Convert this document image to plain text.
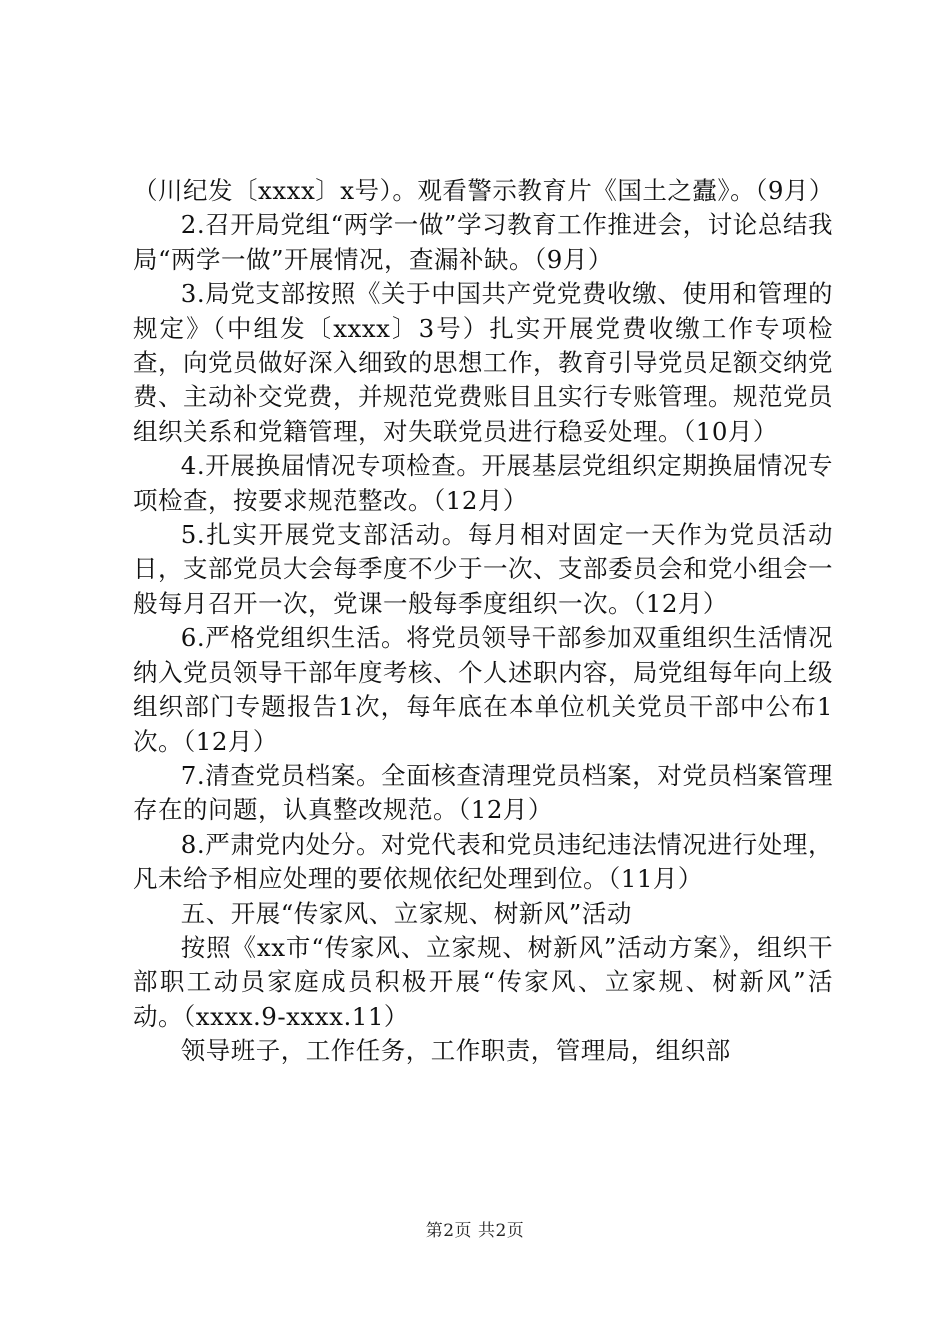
（川纪发〔xxxx〕x号）。观看警示教育片《国土之蠹》。（9月）

2.召开局党组“两学一做”学习教育工作推进会，讨论总结我局“两学一做”开展情况，查漏补缺。（9月）

3.局党支部按照《关于中国共产党党费收缴、使用和管理的规定》（中组发〔xxxx〕3号）扎实开展党费收缴工作专项检查，向党员做好深入细致的思想工作，教育引导党员足额交纳党费、主动补交党费，并规范党费账目且实行专账管理。规范党员组织关系和党籍管理，对失联党员进行稳妥处理。（10月）

4.开展换届情况专项检查。开展基层党组织定期换届情况专项检查，按要求规范整改。（12月）

5.扎实开展党支部活动。每月相对固定一天作为党员活动日，支部党员大会每季度不少于一次、支部委员会和党小组会一般每月召开一次，党课一般每季度组织一次。（12月）

6.严格党组织生活。将党员领导干部参加双重组织生活情况纳入党员领导干部年度考核、个人述职内容，局党组每年向上级组织部门专题报告1次，每年底在本单位机关党员干部中公布1次。（12月）

7.清查党员档案。全面核查清理党员档案，对党员档案管理存在的问题，认真整改规范。（12月）

8.严肃党内处分。对党代表和党员违纪违法情况进行处理，凡未给予相应处理的要依规依纪处理到位。（11月）

五、开展“传家风、立家规、树新风”活动

按照《xx市“传家风、立家规、树新风”活动方案》，组织干部职工动员家庭成员积极开展“传家风、立家规、树新风”活动。（xxxx.9-xxxx.11）

领导班子，工作任务，工作职责，管理局，组织部

第2页 共2页
